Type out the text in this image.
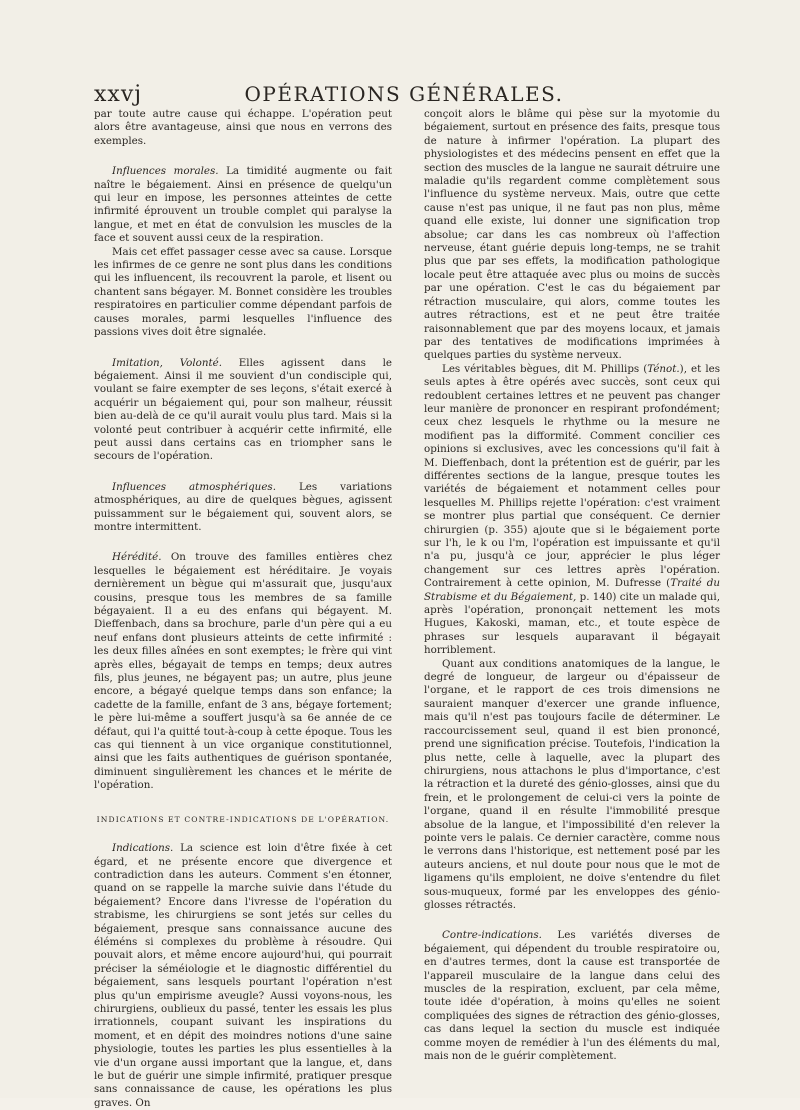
xxvj	OPÉRATIONS GÉNÉRALES.

par toute autre cause qui échappe. L'opération peut alors être avantageuse, ainsi que nous en verrons des exemples.

Influences morales. La timidité augmente ou fait naître le bégaiement. Ainsi en présence de quelqu'un qui leur en impose, les personnes atteintes de cette infirmité éprouvent un trouble complet qui paralyse la langue, et met en état de convulsion les muscles de la face et souvent aussi ceux de la respiration.

Mais cet effet passager cesse avec sa cause. Lorsque les infirmes de ce genre ne sont plus dans les conditions qui les influencent, ils recouvrent la parole, et lisent ou chantent sans bégayer. M. Bonnet considère les troubles respiratoires en particulier comme dépendant parfois de causes morales, parmi lesquelles l'influence des passions vives doit être signalée.

Imitation, Volonté. Elles agissent dans le bégaiement. Ainsi il me souvient d'un condisciple qui, voulant se faire exempter de ses leçons, s'était exercé à acquérir un bégaiement qui, pour son malheur, réussit bien au-delà de ce qu'il aurait voulu plus tard. Mais si la volonté peut contribuer à acquérir cette infirmité, elle peut aussi dans certains cas en triompher sans le secours de l'opération.

Influences atmosphériques. Les variations atmosphériques, au dire de quelques bègues, agissent puissamment sur le bégaiement qui, souvent alors, se montre intermittent.

Hérédité. On trouve des familles entières chez lesquelles le bégaiement est héréditaire. Je voyais dernièrement un bègue qui m'assurait que, jusqu'aux cousins, presque tous les membres de sa famille bégayaient. Il a eu des enfans qui bégayent. M. Dieffenbach, dans sa brochure, parle d'un père qui a eu neuf enfans dont plusieurs atteints de cette infirmité : les deux filles aînées en sont exemptes; le frère qui vint après elles, bégayait de temps en temps; deux autres fils, plus jeunes, ne bégayent pas; un autre, plus jeune encore, a bégayé quelque temps dans son enfance; la cadette de la famille, enfant de 3 ans, bégaye fortement; le père lui-même a souffert jusqu'à sa 6e année de ce défaut, qui l'a quitté tout-à-coup à cette époque. Tous les cas qui tiennent à un vice organique constitutionnel, ainsi que les faits authentiques de guérison spontanée, diminuent singulièrement les chances et le mérite de l'opération.

INDICATIONS ET CONTRE-INDICATIONS DE L'OPÉRATION.

Indications. La science est loin d'être fixée à cet égard, et ne présente encore que divergence et contradiction dans les auteurs. Comment s'en étonner, quand on se rappelle la marche suivie dans l'étude du bégaiement? Encore dans l'ivresse de l'opération du strabisme, les chirurgiens se sont jetés sur celles du bégaiement, presque sans connaissance aucune des éléméns si complexes du problème à résoudre. Qui pouvait alors, et même encore aujourd'hui, qui pourrait préciser la séméiologie et le diagnostic différentiel du bégaiement, sans lesquels pourtant l'opération n'est plus qu'un empirisme aveugle? Aussi voyons-nous, les chirurgiens, oublieux du passé, tenter les essais les plus irrationnels, coupant suivant les inspirations du moment, et en dépit des moindres notions d'une saine physiologie, toutes les parties les plus essentielles à la vie d'un organe aussi important que la langue, et, dans le but de guérir une simple infirmité, pratiquer presque sans connaissance de cause, les opérations les plus graves. On

conçoit alors le blâme qui pèse sur la myotomie du bégaiement, surtout en présence des faits, presque tous de nature à infirmer l'opération. La plupart des physiologistes et des médecins pensent en effet que la section des muscles de la langue ne saurait détruire une maladie qu'ils regardent comme complètement sous l'influence du système nerveux. Mais, outre que cette cause n'est pas unique, il ne faut pas non plus, même quand elle existe, lui donner une signification trop absolue; car dans les cas nombreux où l'affection nerveuse, étant guérie depuis long-temps, ne se trahit plus que par ses effets, la modification pathologique locale peut être attaquée avec plus ou moins de succès par une opération. C'est le cas du bégaiement par rétraction musculaire, qui alors, comme toutes les autres rétractions, est et ne peut être traitée raisonnablement que par des moyens locaux, et jamais par des tentatives de modifications imprimées à quelques parties du système nerveux.

Les véritables bègues, dit M. Phillips (Ténot.), et les seuls aptes à être opérés avec succès, sont ceux qui redoublent certaines lettres et ne peuvent pas changer leur manière de prononcer en respirant profondément; ceux chez lesquels le rhythme ou la mesure ne modifient pas la difformité. Comment concilier ces opinions si exclusives, avec les concessions qu'il fait à M. Dieffenbach, dont la prétention est de guérir, par les différentes sections de la langue, presque toutes les variétés de bégaiement et notamment celles pour lesquelles M. Phillips rejette l'opération: c'est vraiment se montrer plus partial que conséquent. Ce dernier chirurgien (p. 355) ajoute que si le bégaiement porte sur l'h, le k ou l'm, l'opération est impuissante et qu'il n'a pu, jusqu'à ce jour, apprécier le plus léger changement sur ces lettres après l'opération. Contrairement à cette opinion, M. Dufresse (Traité du Strabisme et du Bégaiement, p. 140) cite un malade qui, après l'opération, prononçait nettement les mots Hugues, Kakoski, maman, etc., et toute espèce de phrases sur lesquels auparavant il bégayait horriblement.

Quant aux conditions anatomiques de la langue, le degré de longueur, de largeur ou d'épaisseur de l'organe, et le rapport de ces trois dimensions ne sauraient manquer d'exercer une grande influence, mais qu'il n'est pas toujours facile de déterminer. Le raccourcissement seul, quand il est bien prononcé, prend une signification précise. Toutefois, l'indication la plus nette, celle à laquelle, avec la plupart des chirurgiens, nous attachons le plus d'importance, c'est la rétraction et la dureté des génio-glosses, ainsi que du frein, et le prolongement de celui-ci vers la pointe de l'organe, quand il en résulte l'immobilité presque absolue de la langue, et l'impossibilité d'en relever la pointe vers le palais. Ce dernier caractère, comme nous le verrons dans l'historique, est nettement posé par les auteurs anciens, et nul doute pour nous que le mot de ligamens qu'ils emploient, ne doive s'entendre du filet sous-muqueux, formé par les enveloppes des génio-glosses rétractés.

Contre-indications. Les variétés diverses de bégaiement, qui dépendent du trouble respiratoire ou, en d'autres termes, dont la cause est transportée de l'appareil musculaire de la langue dans celui des muscles de la respiration, excluent, par cela même, toute idée d'opération, à moins qu'elles ne soient compliquées des signes de rétraction des génio-glosses, cas dans lequel la section du muscle est indiquée comme moyen de remédier à l'un des éléments du mal, mais non de le guérir complètement.
